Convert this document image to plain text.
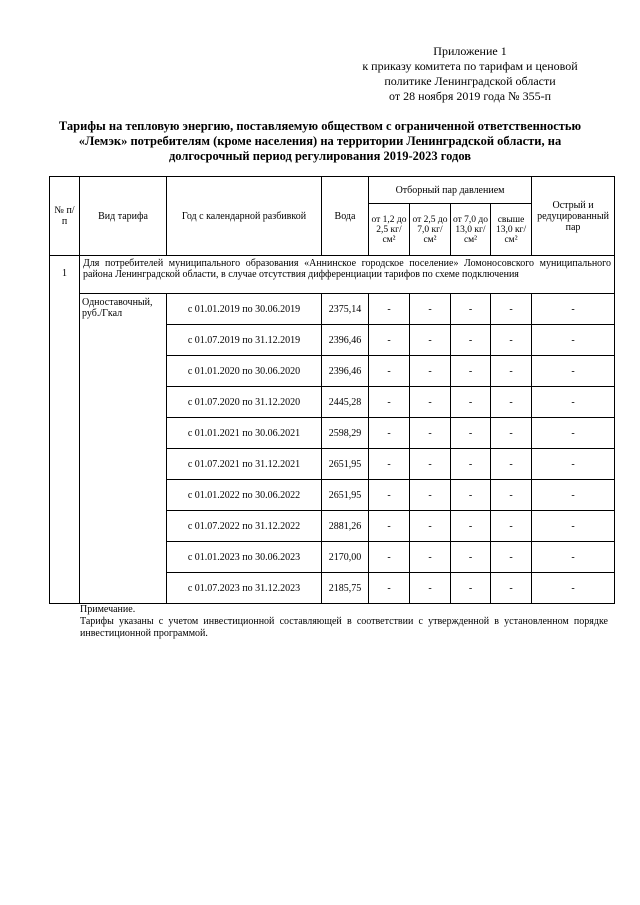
Приложение 1
к приказу комитета по тарифам и ценовой
политике Ленинградской области
от 28 ноября 2019 года № 355-п
Тарифы на тепловую энергию, поставляемую обществом с ограниченной ответственностью
«Лемэк» потребителям (кроме населения) на территории Ленинградской области, на
долгосрочный период регулирования 2019-2023 годов
№ п/п	Вид тарифа	Год с календарной разбивкой	Вода	Отборный пар давлением				Острый и редуцированный пар
				от 1,2 до 2,5 кг/см²	от 2,5 до 7,0 кг/см²	от 7,0 до 13,0 кг/см²	свыше 13,0 кг/см²	
1	Для потребителей муниципального образования «Аннинское городское поселение» Ломоносовского муниципального района Ленинградской области, в случае отсутствия дифференциации тарифов по схеме подключения							
	Одноставочный, руб./Гкал	с 01.01.2019 по 30.06.2019	2375,14	-	-	-	-	-
		с 01.07.2019 по 31.12.2019	2396,46	-	-	-	-	-
		с 01.01.2020 по 30.06.2020	2396,46	-	-	-	-	-
		с 01.07.2020 по 31.12.2020	2445,28	-	-	-	-	-
		с 01.01.2021 по 30.06.2021	2598,29	-	-	-	-	-
		с 01.07.2021 по 31.12.2021	2651,95	-	-	-	-	-
		с 01.01.2022 по 30.06.2022	2651,95	-	-	-	-	-
		с 01.07.2022 по 31.12.2022	2881,26	-	-	-	-	-
		с 01.01.2023 по 30.06.2023	2170,00	-	-	-	-	-
		с 01.07.2023 по 31.12.2023	2185,75	-	-	-	-	-
Примечание.
Тарифы указаны с учетом инвестиционной составляющей в соответствии с утвержденной в установленном порядке инвестиционной программой.
